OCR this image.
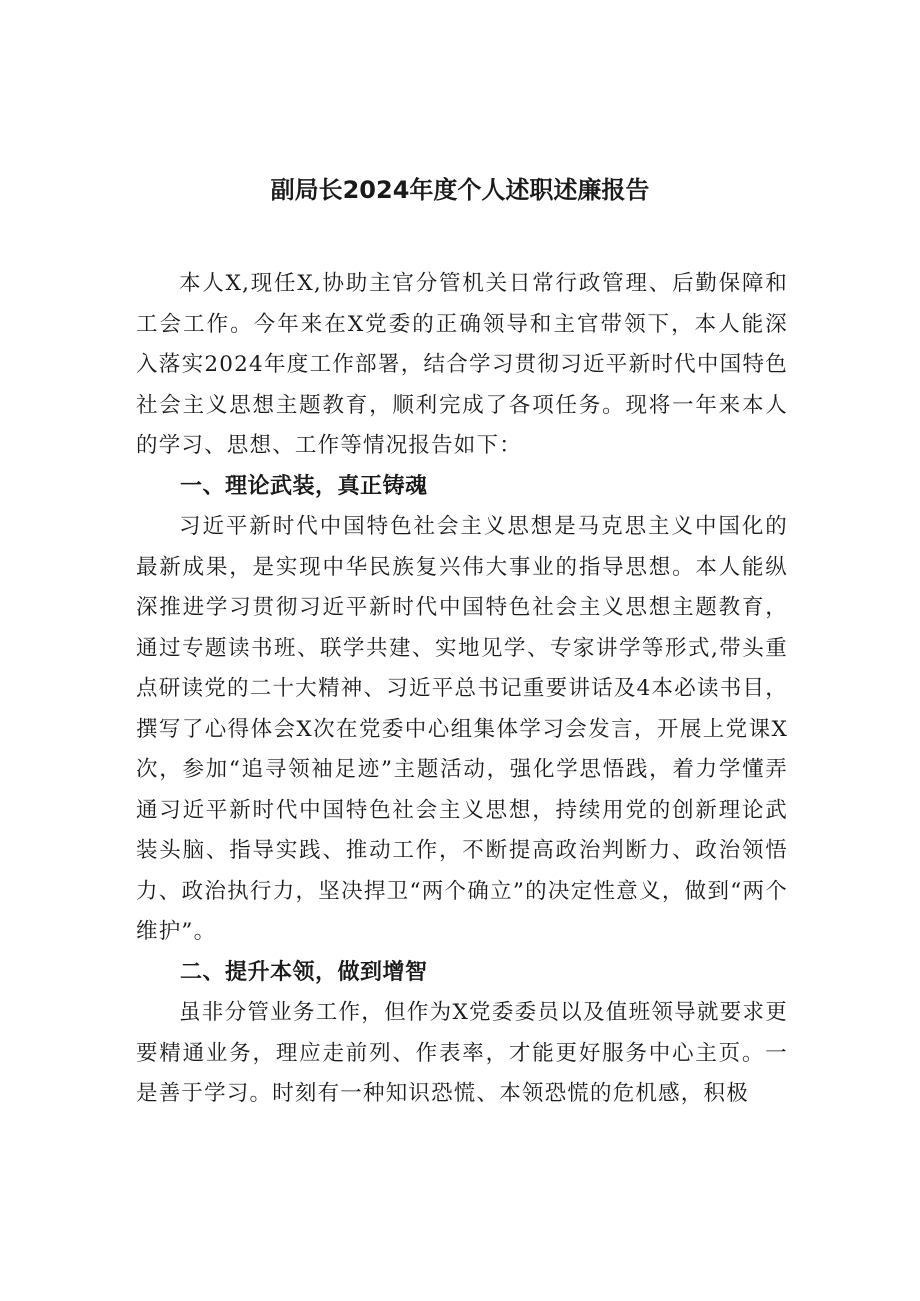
副局长2024年度个人述职述廉报告

本人X,现任X,协助主官分管机关日常行政管理、后勤保障和工会工作。今年来在X党委的正确领导和主官带领下，本人能深入落实2024年度工作部署，结合学习贯彻习近平新时代中国特色社会主义思想主题教育，顺利完成了各项任务。现将一年来本人的学习、思想、工作等情况报告如下：

一、理论武装，真正铸魂

习近平新时代中国特色社会主义思想是马克思主义中国化的最新成果，是实现中华民族复兴伟大事业的指导思想。本人能纵深推进学习贯彻习近平新时代中国特色社会主义思想主题教育，通过专题读书班、联学共建、实地见学、专家讲学等形式,带头重点研读党的二十大精神、习近平总书记重要讲话及4本必读书目，撰写了心得体会X次在党委中心组集体学习会发言，开展上党课X次，参加“追寻领袖足迹”主题活动，强化学思悟践，着力学懂弄通习近平新时代中国特色社会主义思想，持续用党的创新理论武装头脑、指导实践、推动工作，不断提高政治判断力、政治领悟力、政治执行力，坚决捍卫“两个确立”的决定性意义，做到“两个维护”。

二、提升本领，做到增智

虽非分管业务工作，但作为X党委委员以及值班领导就要求更要精通业务，理应走前列、作表率，才能更好服务中心主页。一是善于学习。时刻有一种知识恐慌、本领恐慌的危机感，积极
